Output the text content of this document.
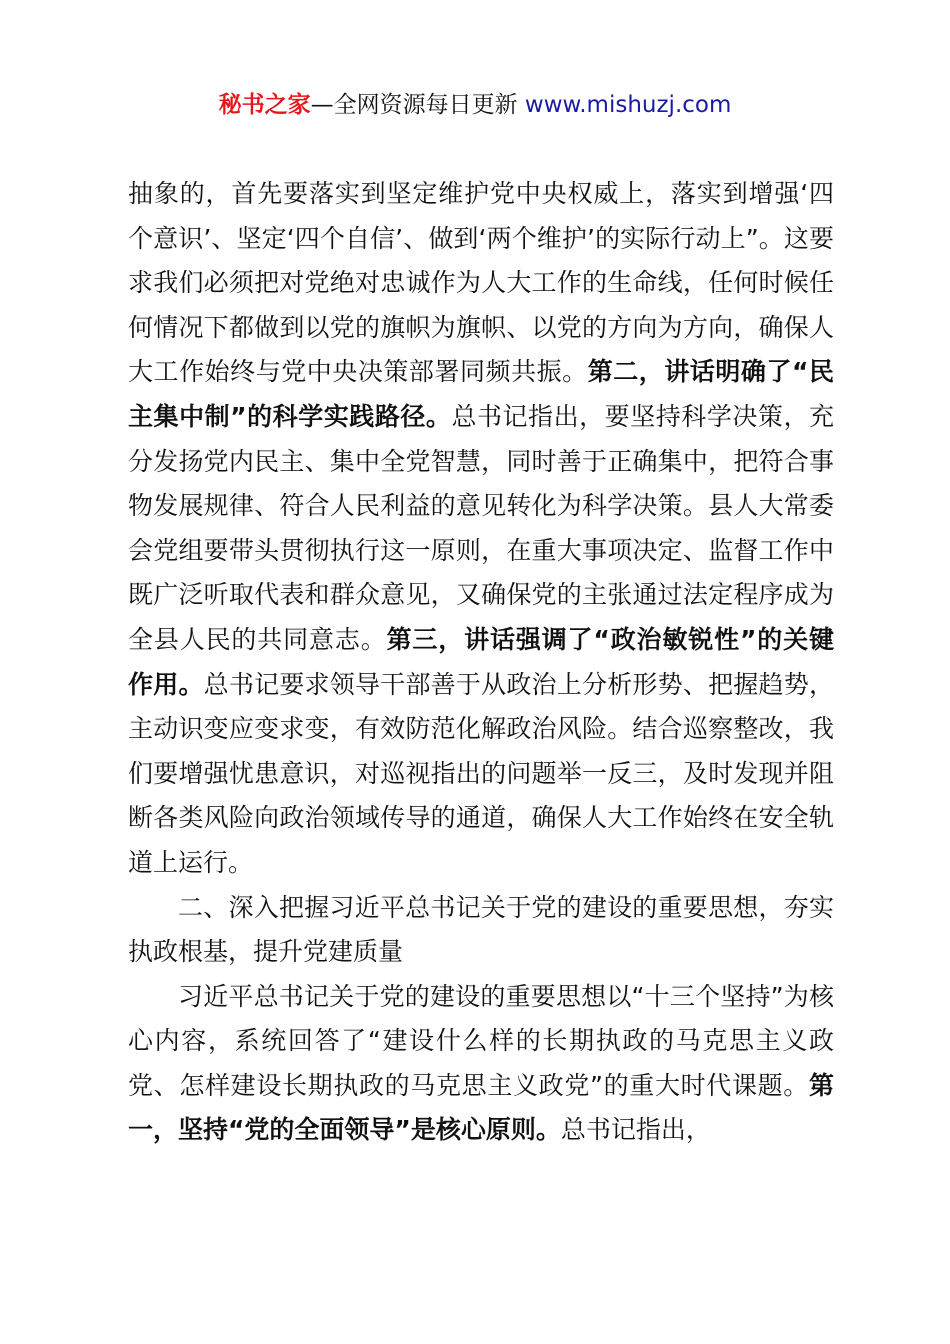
秘书之家—全网资源每日更新 www.mishuzj.com

抽象的，首先要落实到坚定维护党中央权威上，落实到增强‘四个意识’、坚定‘四个自信’、做到‘两个维护’的实际行动上”。这要求我们必须把对党绝对忠诚作为人大工作的生命线，任何时候任何情况下都做到以党的旗帜为旗帜、以党的方向为方向，确保人大工作始终与党中央决策部署同频共振。第二，讲话明确了“民主集中制”的科学实践路径。总书记指出，要坚持科学决策，充分发扬党内民主、集中全党智慧，同时善于正确集中，把符合事物发展规律、符合人民利益的意见转化为科学决策。县人大常委会党组要带头贯彻执行这一原则，在重大事项决定、监督工作中既广泛听取代表和群众意见，又确保党的主张通过法定程序成为全县人民的共同意志。第三，讲话强调了“政治敏锐性”的关键作用。总书记要求领导干部善于从政治上分析形势、把握趋势，主动识变应变求变，有效防范化解政治风险。结合巡察整改，我们要增强忧患意识，对巡视指出的问题举一反三，及时发现并阻断各类风险向政治领域传导的通道，确保人大工作始终在安全轨道上运行。

二、深入把握习近平总书记关于党的建设的重要思想，夯实执政根基，提升党建质量

习近平总书记关于党的建设的重要思想以“十三个坚持”为核心内容，系统回答了“建设什么样的长期执政的马克思主义政党、怎样建设长期执政的马克思主义政党”的重大时代课题。第一，坚持“党的全面领导”是核心原则。总书记指出，
